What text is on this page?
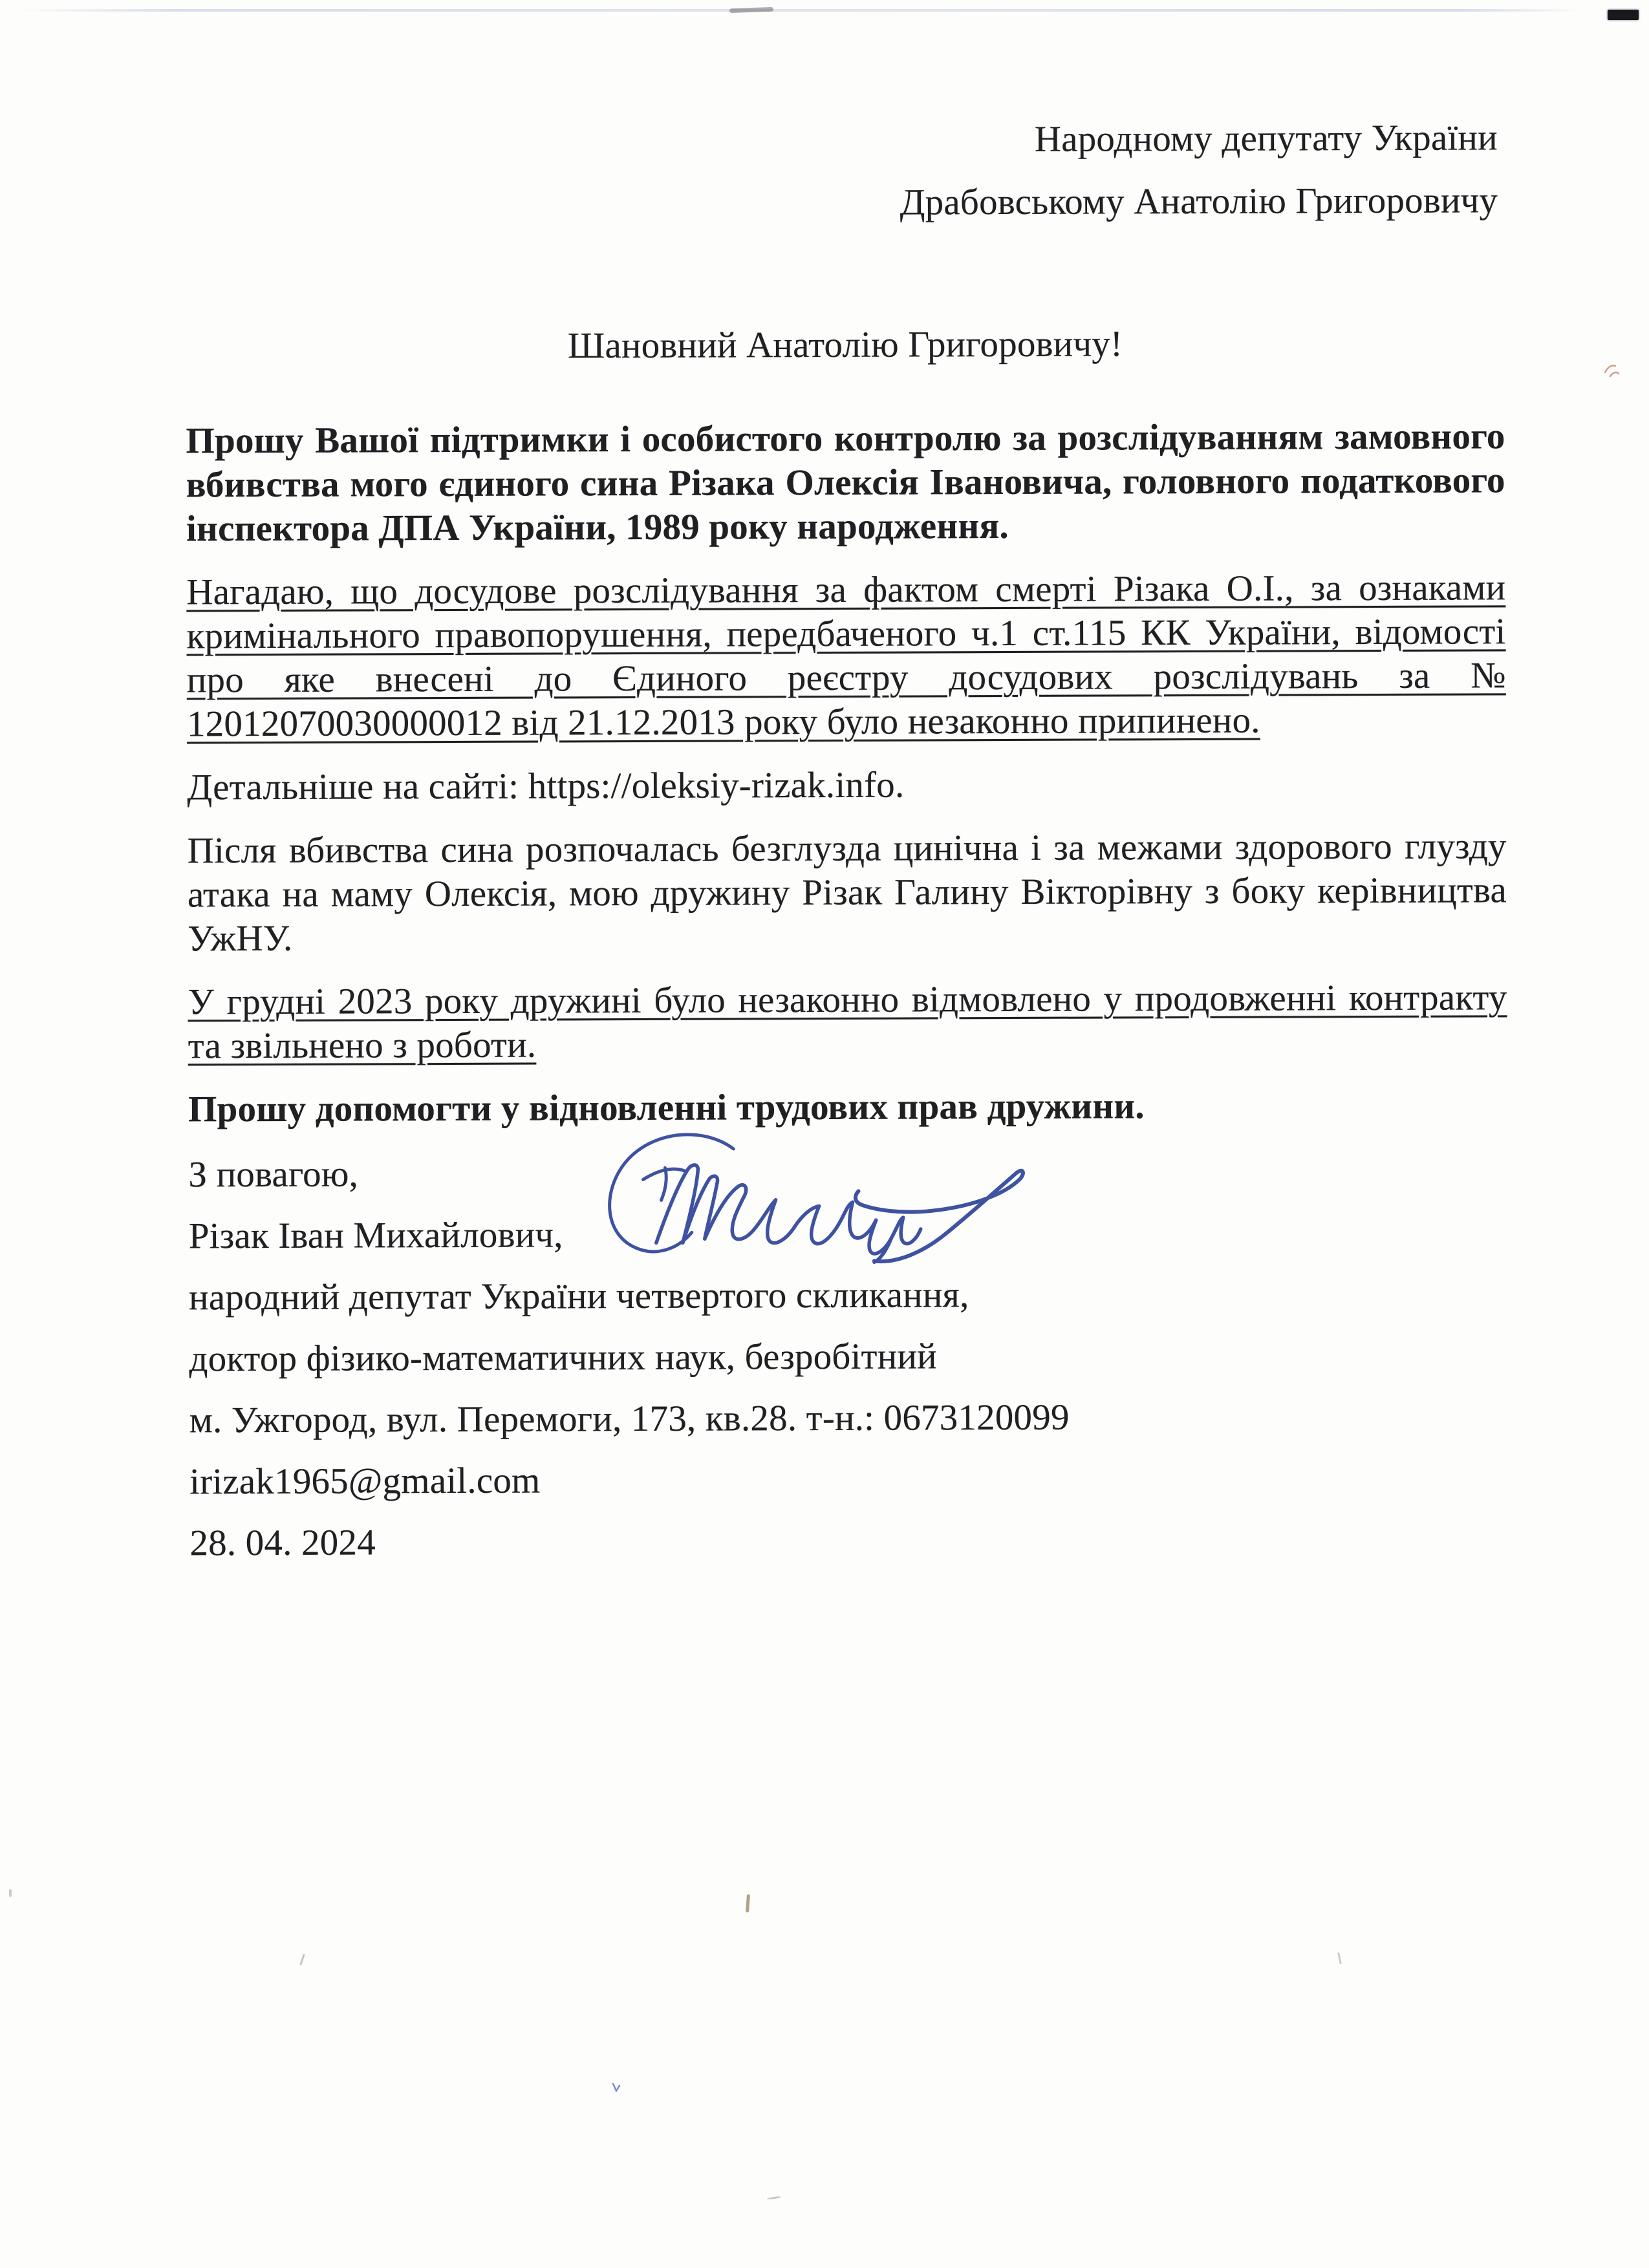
Народному депутату України
Драбовському Анатолію Григоровичу
Шановний Анатолію Григоровичу!

Прошу Вашої підтримки і особистого контролю за розслідуванням замовного вбивства мого єдиного сина Різака Олексія Івановича, головного податкового інспектора ДПА України, 1989 року народження.

Нагадаю, що досудове розслідування за фактом смерті Різака О.І., за ознаками кримінального правопорушення, передбаченого ч.1 ст.115 КК України, відомості про яке внесені до Єдиного реєстру досудових розслідувань за № 12012070030000012 від 21.12.2013 року було незаконно припинено.

Детальніше на сайті: https://oleksiy-rizak.info.

Після вбивства сина розпочалась безглузда цинічна і за межами здорового глузду атака на маму Олексія, мою дружину Різак Галину Вікторівну з боку керівництва УжНУ.

У грудні 2023 року дружині було незаконно відмовлено у продовженні контракту та звільнено з роботи.

Прошу допомогти у відновленні трудових прав дружини.

З повагою,
Різак Іван Михайлович,
народний депутат України четвертого скликання,
доктор фізико-математичних наук, безробітний
м. Ужгород, вул. Перемоги, 173, кв.28. т-н.: 0673120099
irizak1965@gmail.com
28. 04. 2024
